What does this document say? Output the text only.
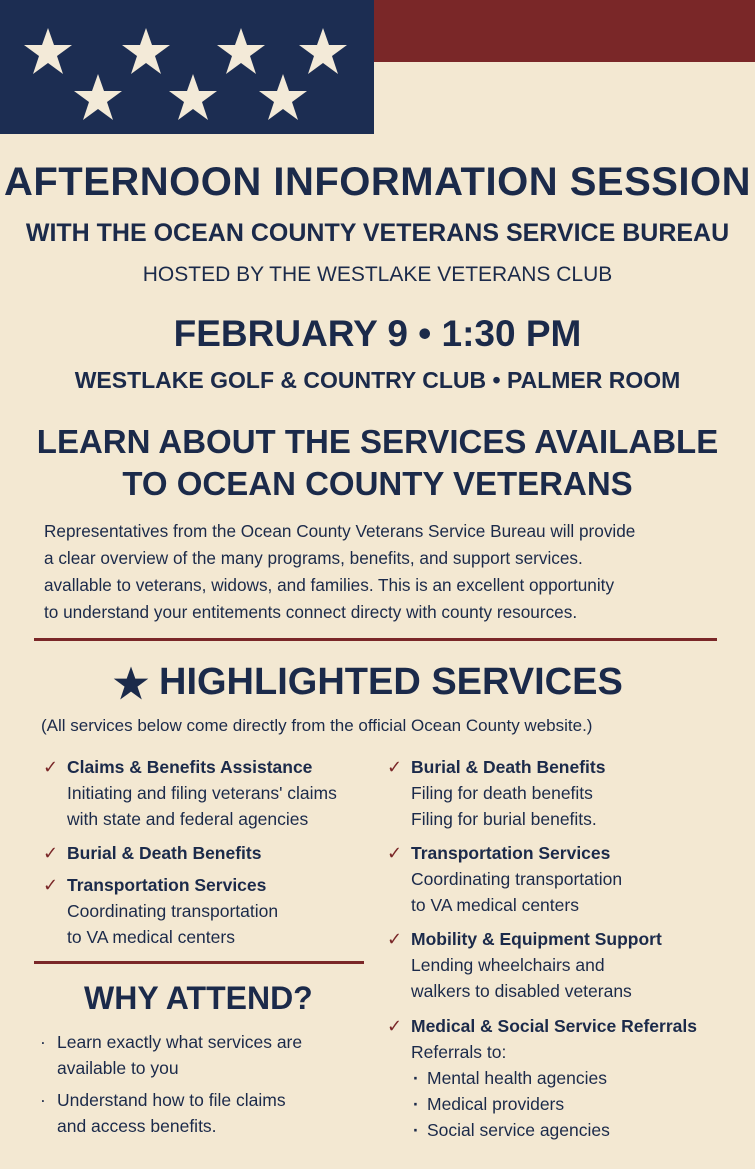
AFTERNOON INFORMATION SESSION
WITH THE OCEAN COUNTY VETERANS SERVICE BUREAU
HOSTED BY THE WESTLAKE VETERANS CLUB
FEBRUARY 9 • 1:30 PM
WESTLAKE GOLF & COUNTRY CLUB • PALMER ROOM
LEARN ABOUT THE SERVICES AVAILABLE
TO OCEAN COUNTY VETERANS
Representatives from the Ocean County Veterans Service Bureau will provide
a clear overview of the many programs, benefits, and support services.
avallable to veterans, widows, and families. This is an excellent opportunity
to understand your entitements connect directy with county resources.
HIGHLIGHTED SERVICES
(All services below come directly from the official Ocean County website.)
✓ Claims & Benefits Assistance
Initiating and filing veterans' claims
with state and federal agencies
✓ Burial & Death Benefits
✓ Transportation Services
Coordinating transportation
to VA medical centers
WHY ATTEND?
· Learn exactly what services are
available to you
· Understand how to file claims
and access benefits.
✓ Burial & Death Benefits
Filing for death benefits
Filing for burial benefits.
✓ Transportation Services
Coordinating transportation
to VA medical centers
✓ Mobility & Equipment Support
Lending wheelchairs and
walkers to disabled veterans
✓ Medical & Social Service Referrals
Referrals to:
· Mental health agencies
· Medical providers
· Social service agencies
